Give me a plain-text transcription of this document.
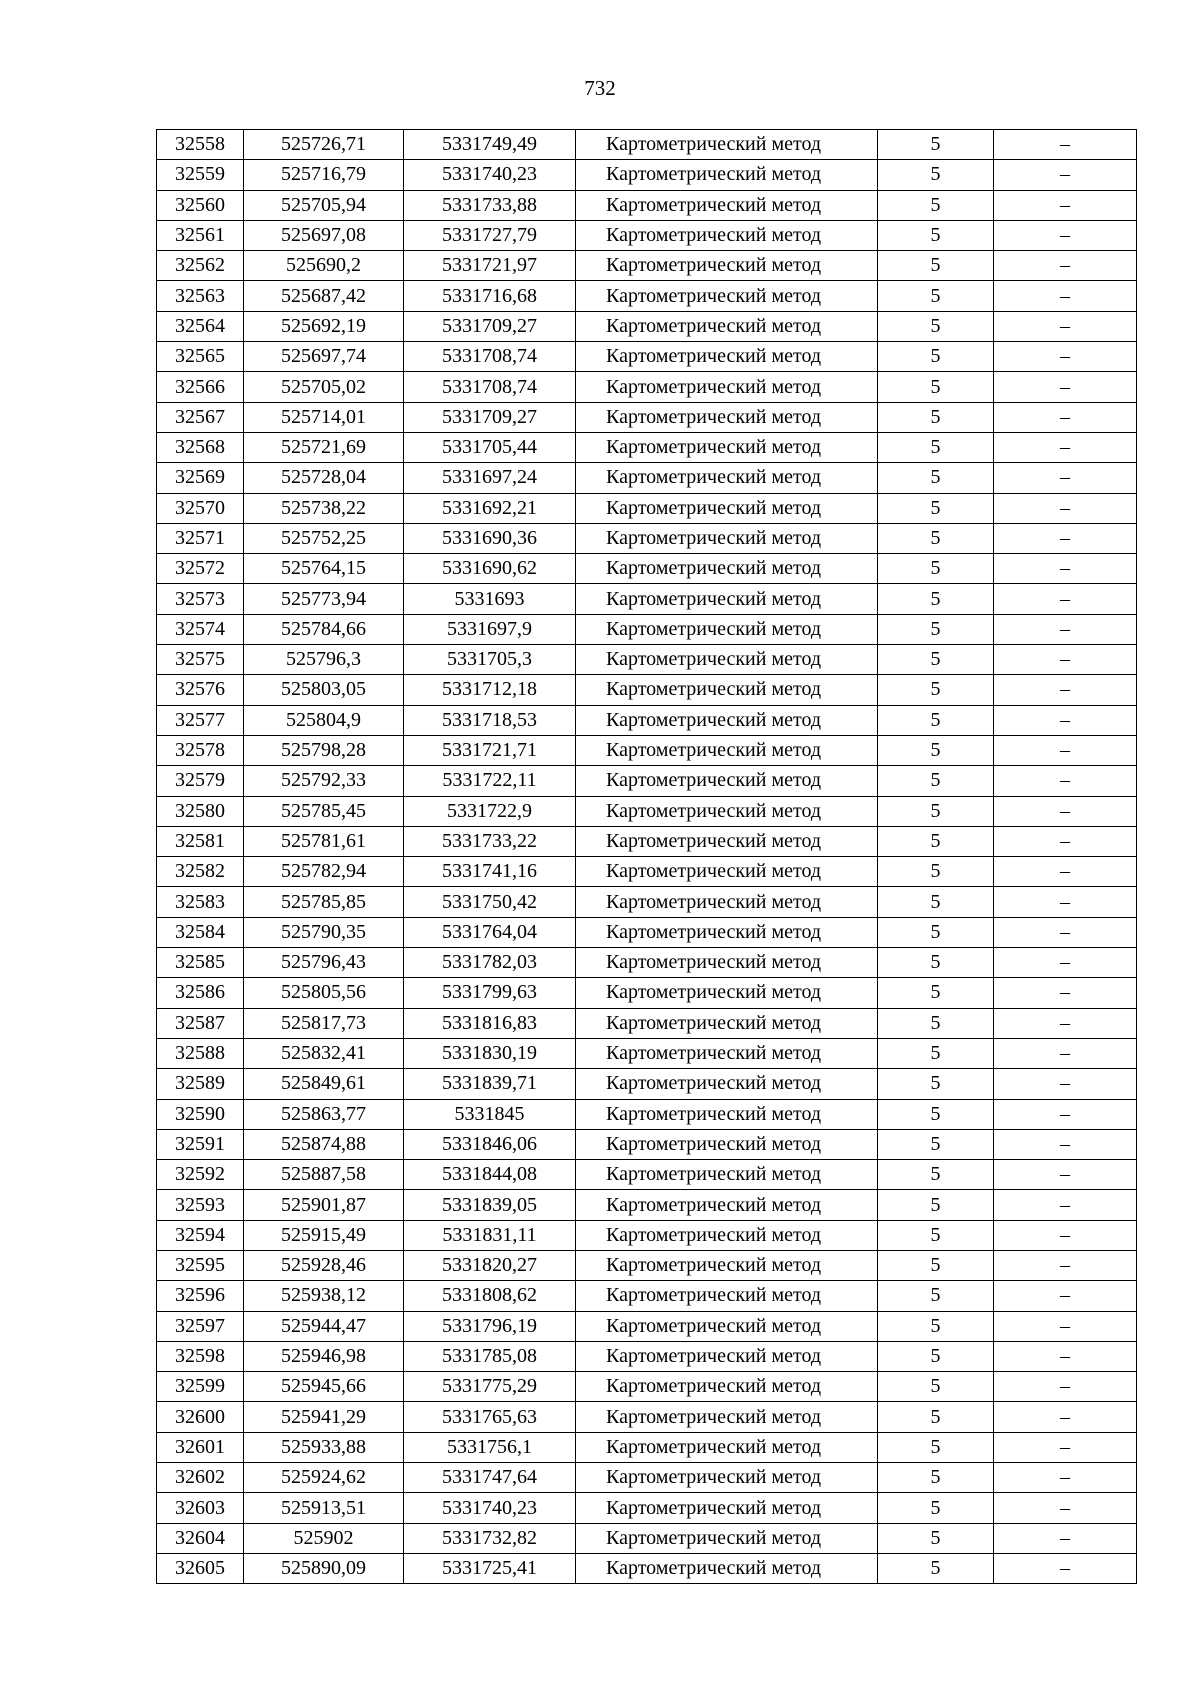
732
32558	525726,71	5331749,49	Картометрический метод	5	–
32559	525716,79	5331740,23	Картометрический метод	5	–
32560	525705,94	5331733,88	Картометрический метод	5	–
32561	525697,08	5331727,79	Картометрический метод	5	–
32562	525690,2	5331721,97	Картометрический метод	5	–
32563	525687,42	5331716,68	Картометрический метод	5	–
32564	525692,19	5331709,27	Картометрический метод	5	–
32565	525697,74	5331708,74	Картометрический метод	5	–
32566	525705,02	5331708,74	Картометрический метод	5	–
32567	525714,01	5331709,27	Картометрический метод	5	–
32568	525721,69	5331705,44	Картометрический метод	5	–
32569	525728,04	5331697,24	Картометрический метод	5	–
32570	525738,22	5331692,21	Картометрический метод	5	–
32571	525752,25	5331690,36	Картометрический метод	5	–
32572	525764,15	5331690,62	Картометрический метод	5	–
32573	525773,94	5331693	Картометрический метод	5	–
32574	525784,66	5331697,9	Картометрический метод	5	–
32575	525796,3	5331705,3	Картометрический метод	5	–
32576	525803,05	5331712,18	Картометрический метод	5	–
32577	525804,9	5331718,53	Картометрический метод	5	–
32578	525798,28	5331721,71	Картометрический метод	5	–
32579	525792,33	5331722,11	Картометрический метод	5	–
32580	525785,45	5331722,9	Картометрический метод	5	–
32581	525781,61	5331733,22	Картометрический метод	5	–
32582	525782,94	5331741,16	Картометрический метод	5	–
32583	525785,85	5331750,42	Картометрический метод	5	–
32584	525790,35	5331764,04	Картометрический метод	5	–
32585	525796,43	5331782,03	Картометрический метод	5	–
32586	525805,56	5331799,63	Картометрический метод	5	–
32587	525817,73	5331816,83	Картометрический метод	5	–
32588	525832,41	5331830,19	Картометрический метод	5	–
32589	525849,61	5331839,71	Картометрический метод	5	–
32590	525863,77	5331845	Картометрический метод	5	–
32591	525874,88	5331846,06	Картометрический метод	5	–
32592	525887,58	5331844,08	Картометрический метод	5	–
32593	525901,87	5331839,05	Картометрический метод	5	–
32594	525915,49	5331831,11	Картометрический метод	5	–
32595	525928,46	5331820,27	Картометрический метод	5	–
32596	525938,12	5331808,62	Картометрический метод	5	–
32597	525944,47	5331796,19	Картометрический метод	5	–
32598	525946,98	5331785,08	Картометрический метод	5	–
32599	525945,66	5331775,29	Картометрический метод	5	–
32600	525941,29	5331765,63	Картометрический метод	5	–
32601	525933,88	5331756,1	Картометрический метод	5	–
32602	525924,62	5331747,64	Картометрический метод	5	–
32603	525913,51	5331740,23	Картометрический метод	5	–
32604	525902	5331732,82	Картометрический метод	5	–
32605	525890,09	5331725,41	Картометрический метод	5	–
